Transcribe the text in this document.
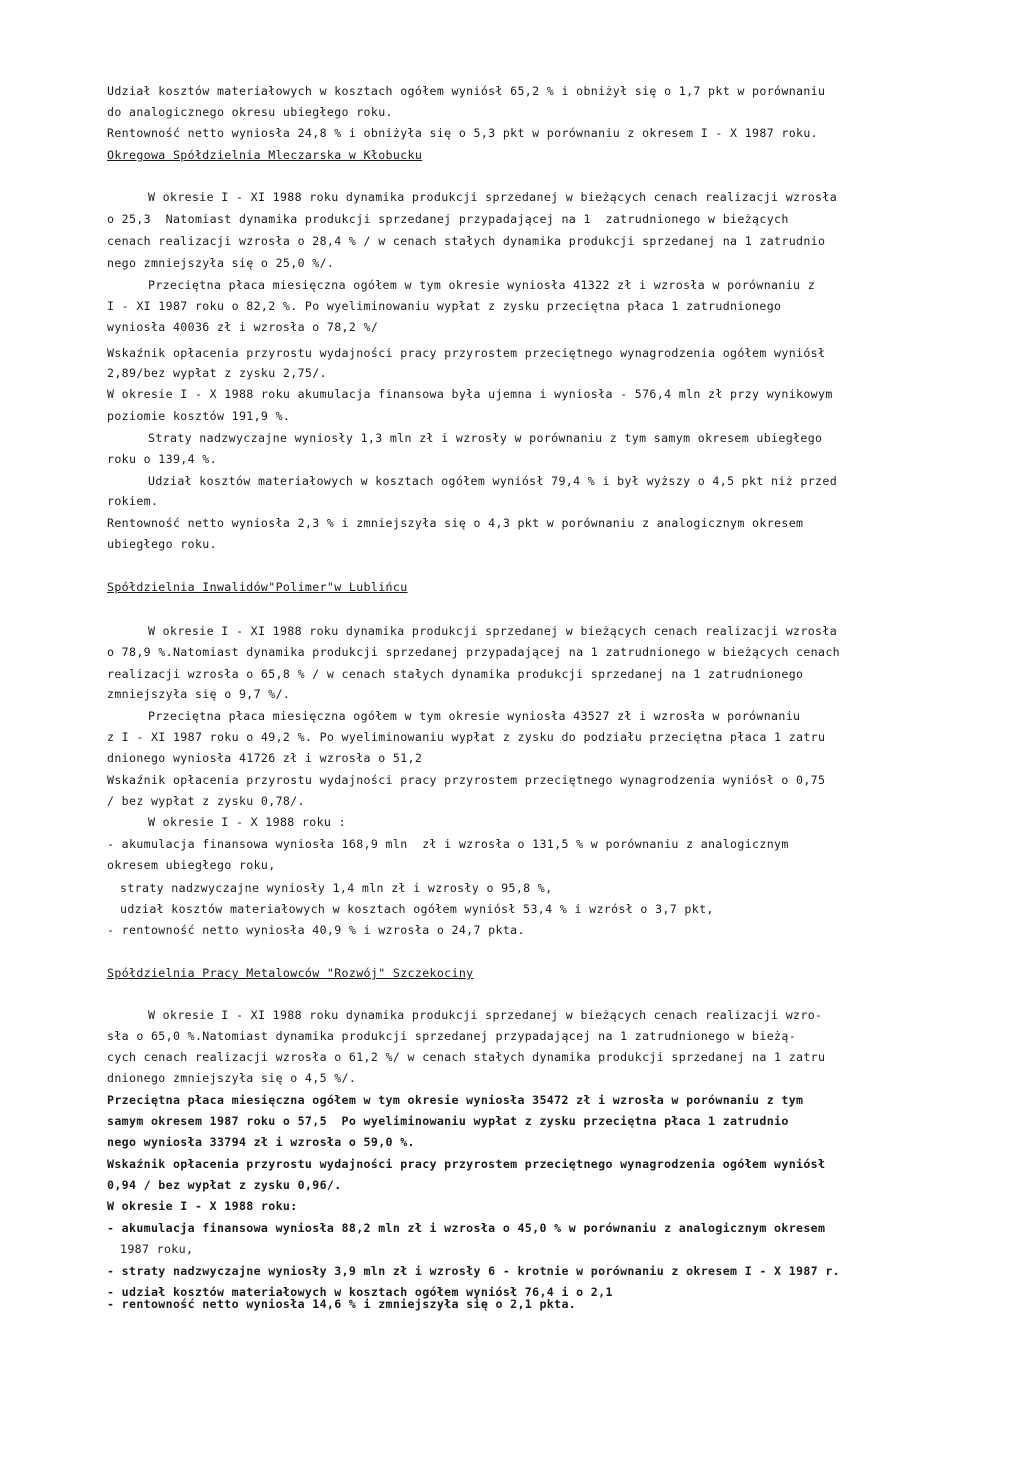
Udział kosztów materiałowych w kosztach ogółem wyniósł 65,2 % i obniżył się o 1,7 pkt w porównaniu

do analogicznego okresu ubiegłego roku.

Rentowność netto wyniosła 24,8 % i obniżyła się o 5,3 pkt w porównaniu z okresem I - X 1987 roku.

Okregowa Spółdzielnia Mleczarska w Kłobucku

W okresie I - XI 1988 roku dynamika produkcji sprzedanej w bieżących cenach realizacji wzrosła

o 25,3  Natomiast dynamika produkcji sprzedanej przypadającej na 1  zatrudnionego w bieżących

cenach realizacji wzrosła o 28,4 % / w cenach stałych dynamika produkcji sprzedanej na 1 zatrudnio

nego zmniejszyła się o 25,0 %/.

Przeciętna płaca miesięczna ogółem w tym okresie wyniosła 41322 zł i wzrosła w porównaniu z

I - XI 1987 roku o 82,2 %. Po wyeliminowaniu wypłat z zysku przeciętna płaca 1 zatrudnionego

wyniosła 40036 zł i wzrosła o 78,2 %/

Wskaźnik opłacenia przyrostu wydajności pracy przyrostem przeciętnego wynagrodzenia ogółem wyniósł

2,89/bez wypłat z zysku 2,75/.

W okresie I - X 1988 roku akumulacja finansowa była ujemna i wyniosła - 576,4 mln zł przy wynikowym

poziomie kosztów 191,9 %.

Straty nadzwyczajne wyniosły 1,3 mln zł i wzrosły w porównaniu z tym samym okresem ubiegłego

roku o 139,4 %.

Udział kosztów materiałowych w kosztach ogółem wyniósł 79,4 % i był wyższy o 4,5 pkt niż przed

rokiem.

Rentowność netto wyniosła 2,3 % i zmniejszyła się o 4,3 pkt w porównaniu z analogicznym okresem

ubiegłego roku.

Spółdzielnia Inwalidów"Polimer"w Lublińcu

W okresie I - XI 1988 roku dynamika produkcji sprzedanej w bieżących cenach realizacji wzrosła

o 78,9 %.Natomiast dynamika produkcji sprzedanej przypadającej na 1 zatrudnionego w bieżących cenach

realizacji wzrosła o 65,8 % / w cenach stałych dynamika produkcji sprzedanej na 1 zatrudnionego

zmniejszyła się o 9,7 %/.

Przeciętna płaca miesięczna ogółem w tym okresie wyniosła 43527 zł i wzrosła w porównaniu

z I - XI 1987 roku o 49,2 %. Po wyeliminowaniu wypłat z zysku do podziału przeciętna płaca 1 zatru

dnionego wyniosła 41726 zł i wzrosła o 51,2

Wskaźnik opłacenia przyrostu wydajności pracy przyrostem przeciętnego wynagrodzenia wyniósł o 0,75

/ bez wypłat z zysku 0,78/.

W okresie I - X 1988 roku :

- akumulacja finansowa wyniosła 168,9 mln  zł i wzrosła o 131,5 % w porównaniu z analogicznym

okresem ubiegłego roku,

straty nadzwyczajne wyniosły 1,4 mln zł i wzrosły o 95,8 %,

udział kosztów materiałowych w kosztach ogółem wyniósł 53,4 % i wzrósł o 3,7 pkt,

- rentowność netto wyniosła 40,9 % i wzrosła o 24,7 pkta.

Spółdzielnia Pracy Metalowców "Rozwój" Szczekociny

W okresie I - XI 1988 roku dynamika produkcji sprzedanej w bieżących cenach realizacji wzro-

sła o 65,0 %.Natomiast dynamika produkcji sprzedanej przypadającej na 1 zatrudnionego w bieżą-

cych cenach realizacji wzrosła o 61,2 %/ w cenach stałych dynamika produkcji sprzedanej na 1 zatru

dnionego zmniejszyła się o 4,5 %/.

Przeciętna płaca miesięczna ogółem w tym okresie wyniosła 35472 zł i wzrosła w porównaniu z tym

samym okresem 1987 roku o 57,5  Po wyeliminowaniu wypłat z zysku przeciętna płaca 1 zatrudnio

nego wyniosła 33794 zł i wzrosła o 59,0 %.

Wskaźnik opłacenia przyrostu wydajności pracy przyrostem przeciętnego wynagrodzenia ogółem wyniósł

0,94 / bez wypłat z zysku 0,96/.

W okresie I - X 1988 roku:

- akumulacja finansowa wyniosła 88,2 mln zł i wzrosła o 45,0 % w porównaniu z analogicznym okresem

1987 roku,

- straty nadzwyczajne wyniosły 3,9 mln zł i wzrosły 6 - krotnie w porównaniu z okresem I - X 1987 r.

- udział kosztów materiałowych w kosztach ogółem wyniósł 76,4 i o 2,1

- rentowność netto wyniosła 14,6 % i zmniejszyła się o 2,1 pkta.
